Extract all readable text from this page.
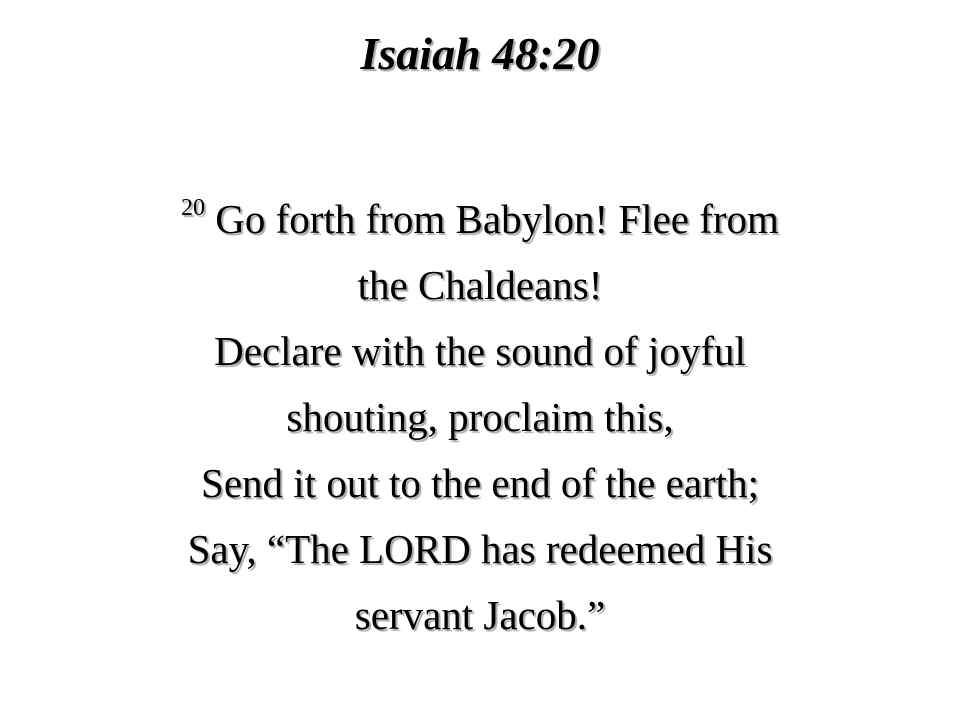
Isaiah 48:20
$^{20}$ Go forth from Babylon! Flee from
the Chaldeans!
Declare with the sound of joyful
shouting, proclaim this,
Send it out to the end of the earth;
Say, “The LORD has redeemed His
servant Jacob.”
